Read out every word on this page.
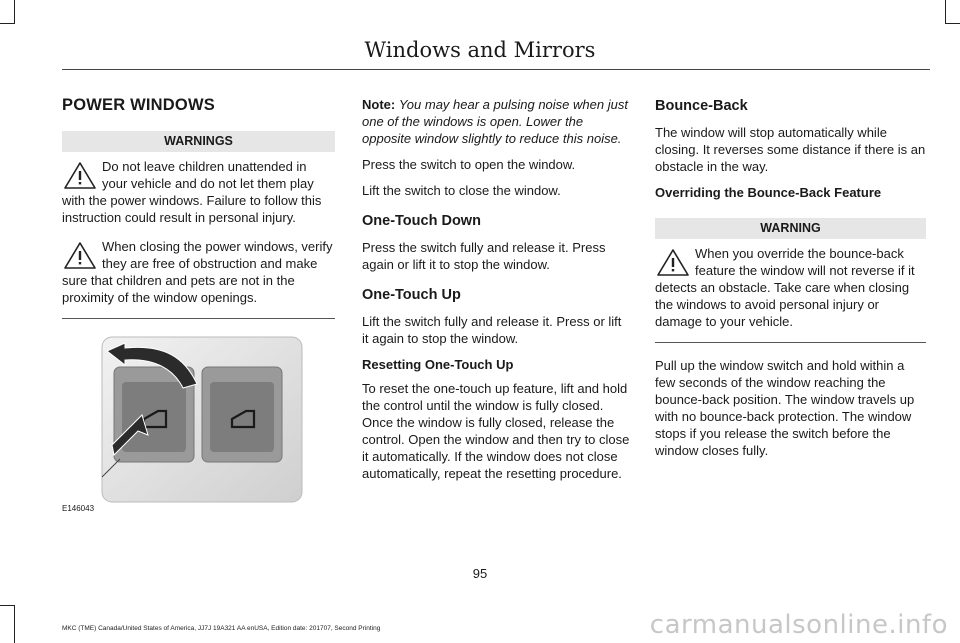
Windows and Mirrors
POWER WINDOWS
WARNINGS
Do not leave children unattended in your vehicle and do not let them play with the power windows. Failure to follow this instruction could result in personal injury.
When closing the power windows, verify they are free of obstruction and make sure that children and pets are not in the proximity of the window openings.
E146043

Note: You may hear a pulsing noise when just one of the windows is open. Lower the opposite window slightly to reduce this noise.

Press the switch to open the window.

Lift the switch to close the window.

One-Touch Down

Press the switch fully and release it. Press again or lift it to stop the window.

One-Touch Up

Lift the switch fully and release it. Press or lift it again to stop the window.

Resetting One-Touch Up

To reset the one-touch up feature, lift and hold the control until the window is fully closed. Once the window is fully closed, release the control. Open the window and then try to close it automatically. If the window does not close automatically, repeat the resetting procedure.

Bounce-Back

The window will stop automatically while closing. It reverses some distance if there is an obstacle in the way.

Overriding the Bounce-Back Feature
WARNING
When you override the bounce-back feature the window will not reverse if it detects an obstacle. Take care when closing the windows to avoid personal injury or damage to your vehicle.

Pull up the window switch and hold within a few seconds of the window reaching the bounce-back position. The window travels up with no bounce-back protection. The window stops if you release the switch before the window closes fully.

95
MKC (TME) Canada/United States of America, JJ7J 19A321 AA enUSA, Edition date: 201707, Second Printing	carmanualsonline.info
